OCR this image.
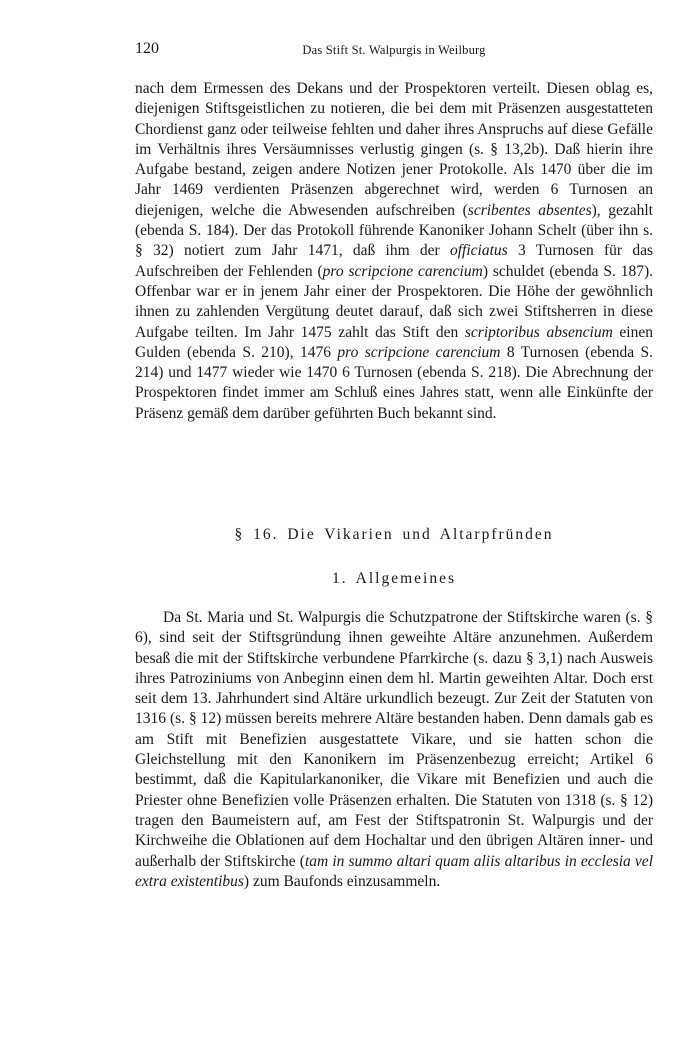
120	Das Stift St. Walpurgis in Weilburg

nach dem Ermessen des Dekans und der Prospektoren verteilt. Diesen oblag es, diejenigen Stiftsgeistlichen zu notieren, die bei dem mit Präsenzen ausgestatteten Chordienst ganz oder teilweise fehlten und daher ihres Anspruchs auf diese Gefälle im Verhältnis ihres Versäumnisses verlustig gingen (s. § 13,2b). Daß hierin ihre Aufgabe bestand, zeigen andere Notizen jener Protokolle. Als 1470 über die im Jahr 1469 verdienten Präsenzen abgerechnet wird, werden 6 Turnosen an diejenigen, welche die Abwesenden aufschreiben (scribentes absentes), gezahlt (ebenda S. 184). Der das Protokoll führende Kanoniker Johann Schelt (über ihn s. § 32) notiert zum Jahr 1471, daß ihm der officiatus 3 Turnosen für das Aufschreiben der Fehlenden (pro scripcione carencium) schuldet (ebenda S. 187). Offenbar war er in jenem Jahr einer der Prospektoren. Die Höhe der gewöhnlich ihnen zu zahlenden Vergütung deutet darauf, daß sich zwei Stiftsherren in diese Aufgabe teilten. Im Jahr 1475 zahlt das Stift den scriptoribus absencium einen Gulden (ebenda S. 210), 1476 pro scripcione carencium 8 Turnosen (ebenda S. 214) und 1477 wieder wie 1470 6 Turnosen (ebenda S. 218). Die Abrechnung der Prospektoren findet immer am Schluß eines Jahres statt, wenn alle Einkünfte der Präsenz gemäß dem darüber geführten Buch bekannt sind.

§ 16. Die Vikarien und Altarpfründen
1. Allgemeines

Da St. Maria und St. Walpurgis die Schutzpatrone der Stiftskirche waren (s. § 6), sind seit der Stiftsgründung ihnen geweihte Altäre anzunehmen. Außerdem besaß die mit der Stiftskirche verbundene Pfarrkirche (s. dazu § 3,1) nach Ausweis ihres Patroziniums von Anbeginn einen dem hl. Martin geweihten Altar. Doch erst seit dem 13. Jahrhundert sind Altäre urkundlich bezeugt. Zur Zeit der Statuten von 1316 (s. § 12) müssen bereits mehrere Altäre bestanden haben. Denn damals gab es am Stift mit Benefizien ausgestattete Vikare, und sie hatten schon die Gleichstellung mit den Kanonikern im Präsenzenbezug erreicht; Artikel 6 bestimmt, daß die Kapitularkanoniker, die Vikare mit Benefizien und auch die Priester ohne Benefizien volle Präsenzen erhalten. Die Statuten von 1318 (s. § 12) tragen den Baumeistern auf, am Fest der Stiftspatronin St. Walpurgis und der Kirchweihe die Oblationen auf dem Hochaltar und den übrigen Altären inner- und außerhalb der Stiftskirche (tam in summo altari quam aliis altaribus in ecclesia vel extra existentibus) zum Baufonds einzusammeln.
